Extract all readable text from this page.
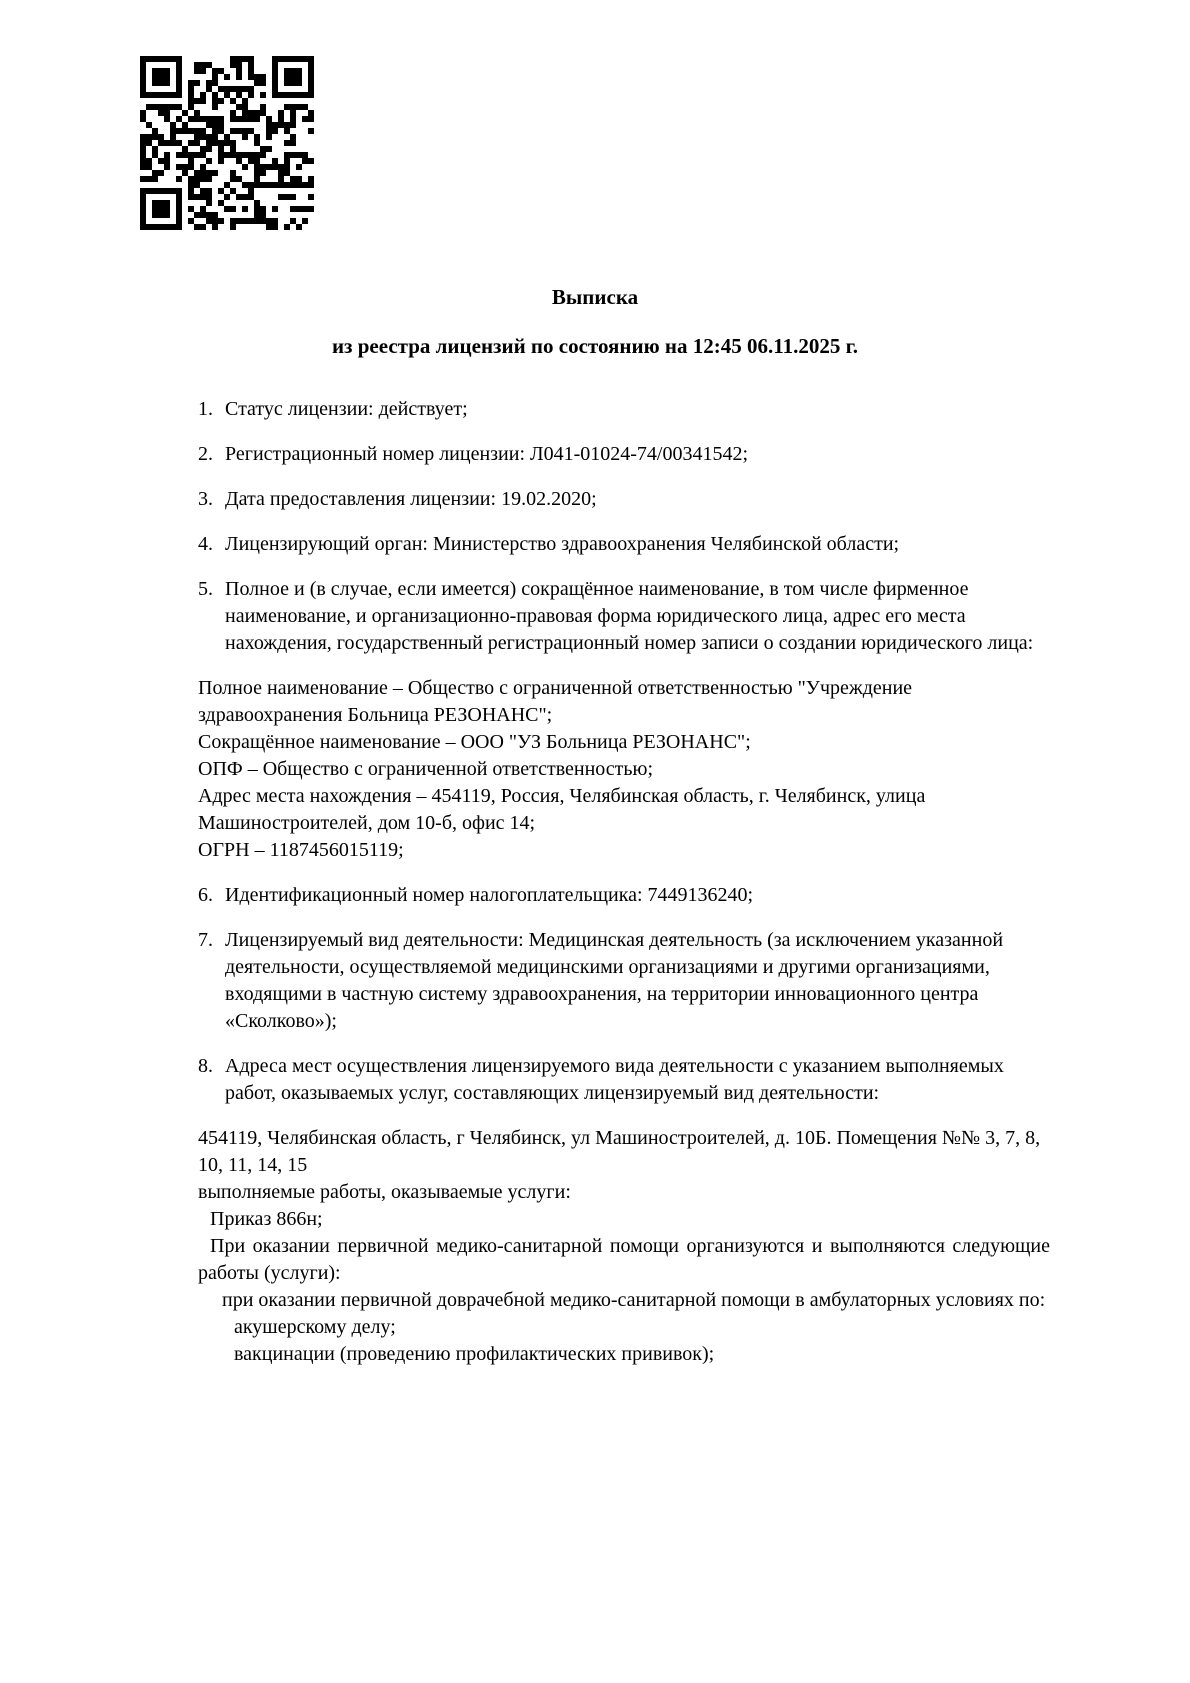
Выписка
из реестра лицензий по состоянию на 12:45 06.11.2025 г.

1. Статус лицензии: действует;

2. Регистрационный номер лицензии: Л041-01024-74/00341542;

3. Дата предоставления лицензии: 19.02.2020;

4. Лицензирующий орган: Министерство здравоохранения Челябинской области;

5. Полное и (в случае, если имеется) сокращённое наименование, в том числе фирменное наименование, и организационно-правовая форма юридического лица, адрес его места нахождения, государственный регистрационный номер записи о создании юридического лица:

Полное наименование – Общество с ограниченной ответственностью "Учреждение здравоохранения Больница РЕЗОНАНС";

Сокращённое наименование – ООО "УЗ Больница РЕЗОНАНС";

ОПФ – Общество с ограниченной ответственностью;

Адрес места нахождения – 454119, Россия, Челябинская область, г. Челябинск, улица Машиностроителей, дом 10-б, офис 14;

ОГРН – 1187456015119;

6. Идентификационный номер налогоплательщика: 7449136240;

7. Лицензируемый вид деятельности: Медицинская деятельность (за исключением указанной деятельности, осуществляемой медицинскими организациями и другими организациями, входящими в частную систему здравоохранения, на территории инновационного центра «Сколково»);

8. Адреса мест осуществления лицензируемого вида деятельности с указанием выполняемых работ, оказываемых услуг, составляющих лицензируемый вид деятельности:

454119, Челябинская область, г Челябинск, ул Машиностроителей, д. 10Б. Помещения №№ 3, 7, 8, 10, 11, 14, 15

выполняемые работы, оказываемые услуги:

Приказ 866н;

При оказании первичной медико-санитарной помощи организуются и выполняются следующие работы (услуги):

при оказании первичной доврачебной медико-санитарной помощи в амбулаторных условиях по:

акушерскому делу;

вакцинации (проведению профилактических прививок);
